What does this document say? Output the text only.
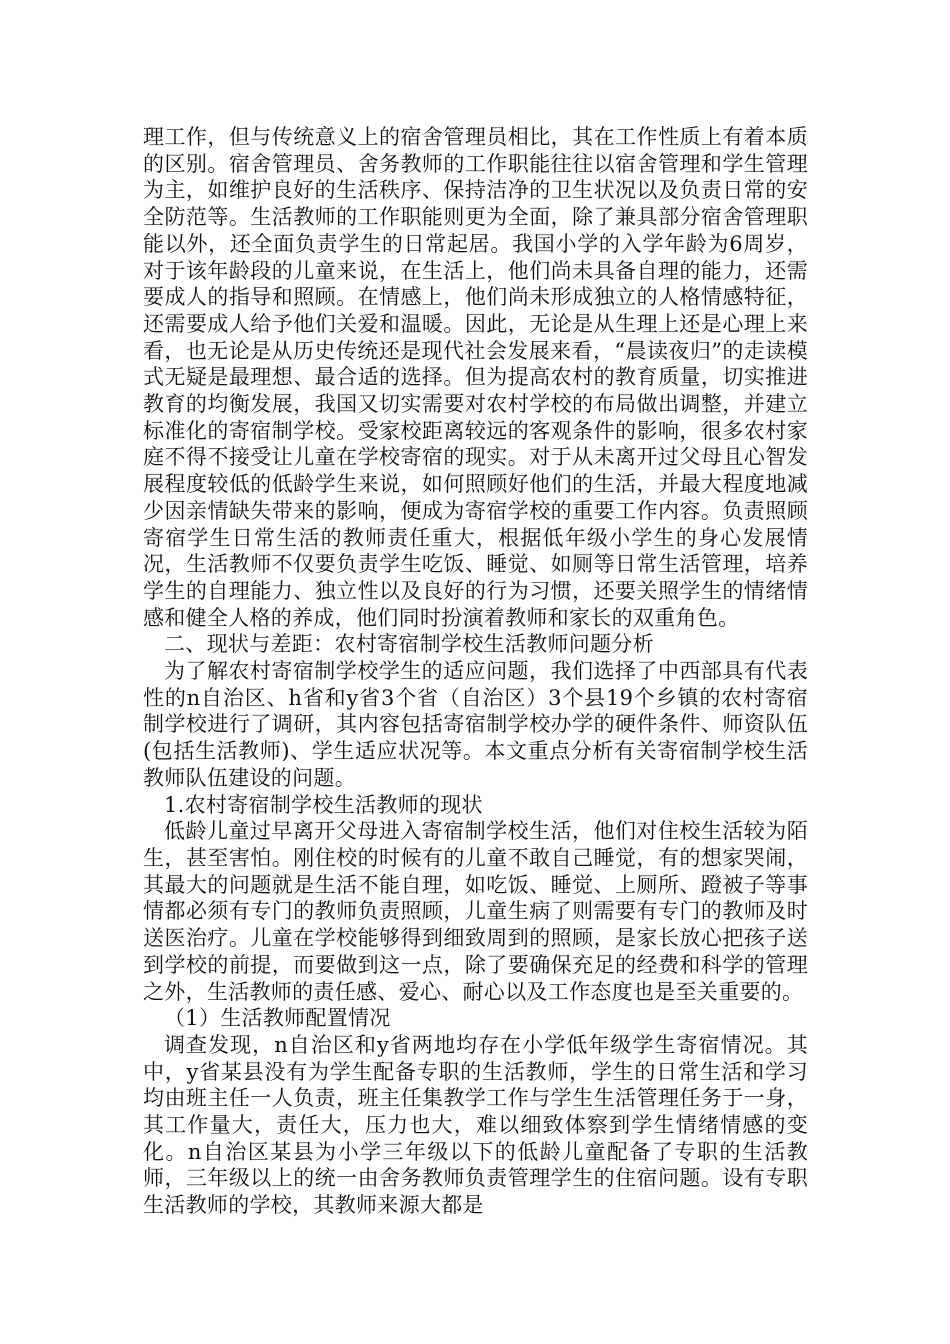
理工作，但与传统意义上的宿舍管理员相比，其在工作性质上有着本质的区别。宿舍管理员、舍务教师的工作职能往往以宿舍管理和学生管理为主，如维护良好的生活秩序、保持洁净的卫生状况以及负责日常的安全防范等。生活教师的工作职能则更为全面，除了兼具部分宿舍管理职能以外，还全面负责学生的日常起居。我国小学的入学年龄为6周岁，对于该年龄段的儿童来说，在生活上，他们尚未具备自理的能力，还需要成人的指导和照顾。在情感上，他们尚未形成独立的人格情感特征，还需要成人给予他们关爱和温暖。因此，无论是从生理上还是心理上来看，也无论是从历史传统还是现代社会发展来看，“晨读夜归”的走读模式无疑是最理想、最合适的选择。但为提高农村的教育质量，切实推进教育的均衡发展，我国又切实需要对农村学校的布局做出调整，并建立标准化的寄宿制学校。受家校距离较远的客观条件的影响，很多农村家庭不得不接受让儿童在学校寄宿的现实。对于从未离开过父母且心智发展程度较低的低龄学生来说，如何照顾好他们的生活，并最大程度地减少因亲情缺失带来的影响，便成为寄宿学校的重要工作内容。负责照顾寄宿学生日常生活的教师责任重大，根据低年级小学生的身心发展情况，生活教师不仅要负责学生吃饭、睡觉、如厕等日常生活管理，培养学生的自理能力、独立性以及良好的行为习惯，还要关照学生的情绪情感和健全人格的养成，他们同时扮演着教师和家长的双重角色。

二、现状与差距：农村寄宿制学校生活教师问题分析

为了解农村寄宿制学校学生的适应问题，我们选择了中西部具有代表性的n自治区、h省和y省3个省（自治区）3个县19个乡镇的农村寄宿制学校进行了调研，其内容包括寄宿制学校办学的硬件条件、师资队伍(包括生活教师)、学生适应状况等。本文重点分析有关寄宿制学校生活教师队伍建设的问题。

1.农村寄宿制学校生活教师的现状

低龄儿童过早离开父母进入寄宿制学校生活，他们对住校生活较为陌生，甚至害怕。刚住校的时候有的儿童不敢自己睡觉，有的想家哭闹，其最大的问题就是生活不能自理，如吃饭、睡觉、上厕所、蹬被子等事情都必须有专门的教师负责照顾，儿童生病了则需要有专门的教师及时送医治疗。儿童在学校能够得到细致周到的照顾，是家长放心把孩子送到学校的前提，而要做到这一点，除了要确保充足的经费和科学的管理之外，生活教师的责任感、爱心、耐心以及工作态度也是至关重要的。

（1）生活教师配置情况

调查发现，n自治区和y省两地均存在小学低年级学生寄宿情况。其中，y省某县没有为学生配备专职的生活教师，学生的日常生活和学习均由班主任一人负责，班主任集教学工作与学生生活管理任务于一身，其工作量大，责任大，压力也大，难以细致体察到学生情绪情感的变化。n自治区某县为小学三年级以下的低龄儿童配备了专职的生活教师，三年级以上的统一由舍务教师负责管理学生的住宿问题。设有专职生活教师的学校，其教师来源大都是
